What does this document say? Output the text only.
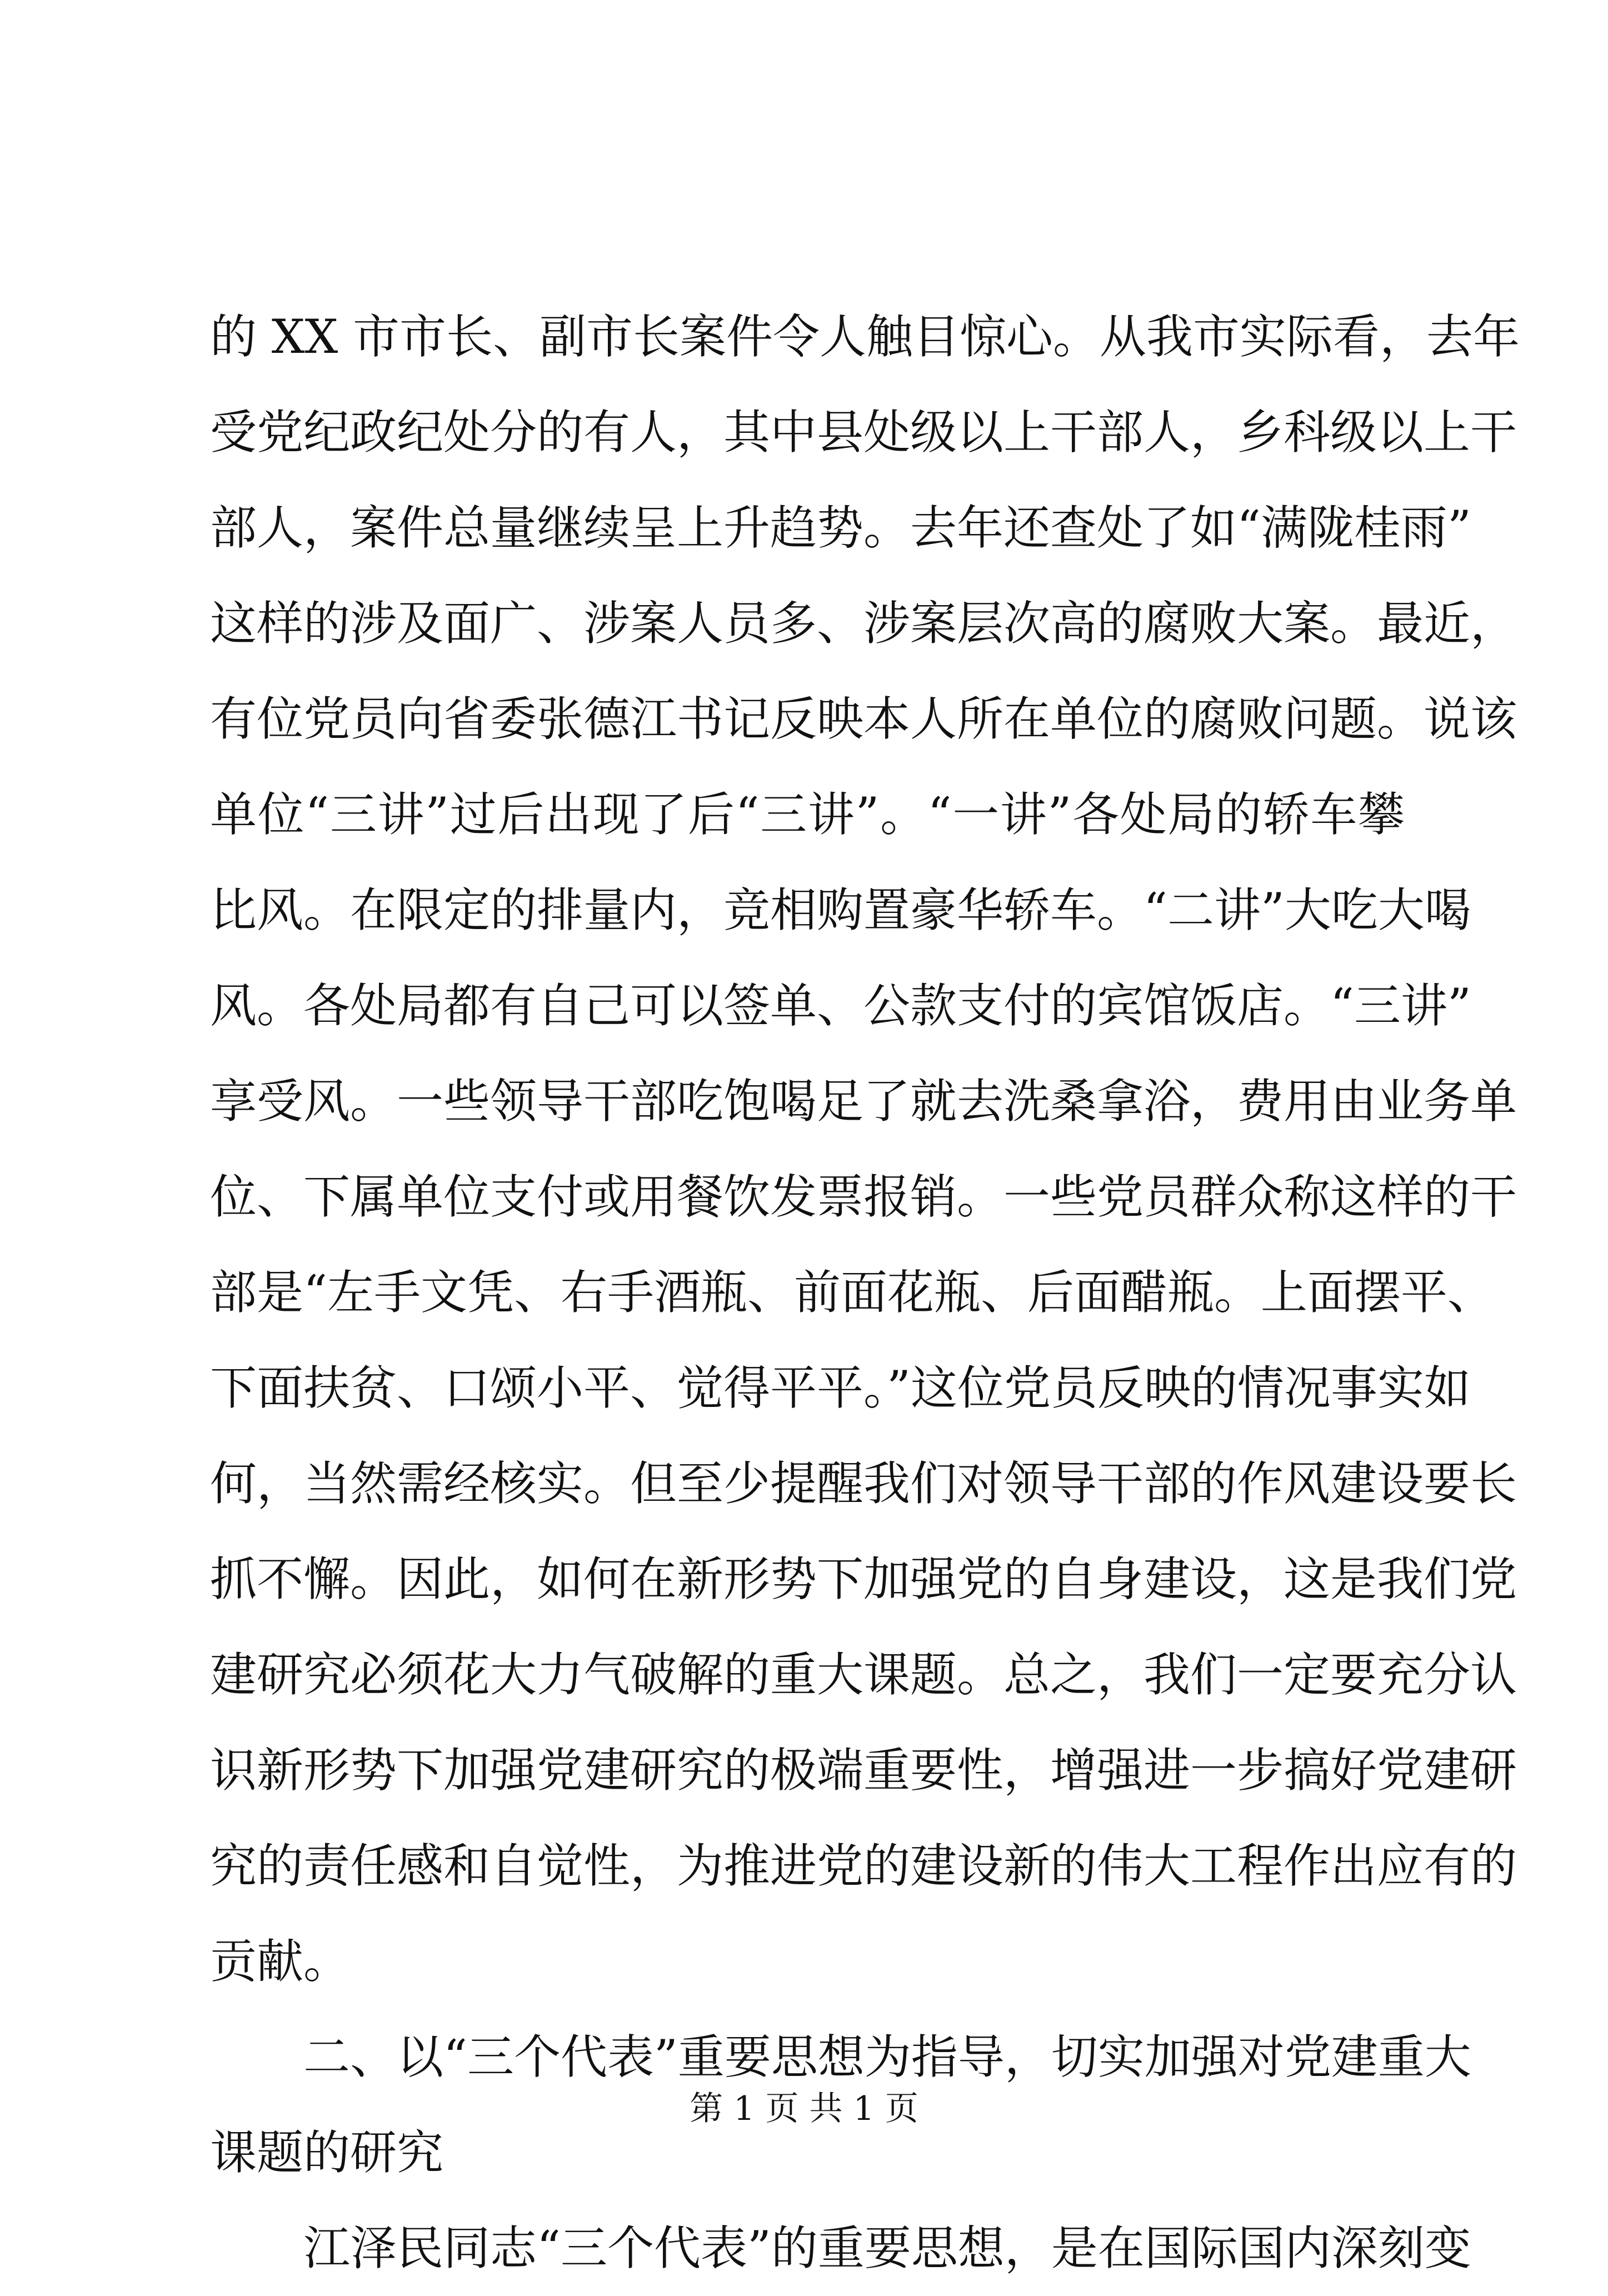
的 XX 市市长、副市长案件令人触目惊心。从我市实际看，去年
受党纪政纪处分的有人，其中县处级以上干部人，乡科级以上干
部人，案件总量继续呈上升趋势。去年还查处了如“满陇桂雨”
这样的涉及面广、涉案人员多、涉案层次高的腐败大案。最近，
有位党员向省委张德江书记反映本人所在单位的腐败问题。说该
单位“三讲”过后出现了后“三讲”。“一讲”各处局的轿车攀
比风。在限定的排量内，竞相购置豪华轿车。“二讲”大吃大喝
风。各处局都有自己可以签单、公款支付的宾馆饭店。“三讲”
享受风。一些领导干部吃饱喝足了就去洗桑拿浴，费用由业务单
位、下属单位支付或用餐饮发票报销。一些党员群众称这样的干
部是“左手文凭、右手酒瓶、前面花瓶、后面醋瓶。上面摆平、
下面扶贫、口颂小平、觉得平平。”这位党员反映的情况事实如
何，当然需经核实。但至少提醒我们对领导干部的作风建设要长
抓不懈。因此，如何在新形势下加强党的自身建设，这是我们党
建研究必须花大力气破解的重大课题。总之，我们一定要充分认
识新形势下加强党建研究的极端重要性，增强进一步搞好党建研
究的责任感和自觉性，为推进党的建设新的伟大工程作出应有的
贡献。
二、以“三个代表”重要思想为指导，切实加强对党建重大
课题的研究
江泽民同志“三个代表”的重要思想，是在国际国内深刻变
第 1 页 共 1 页
